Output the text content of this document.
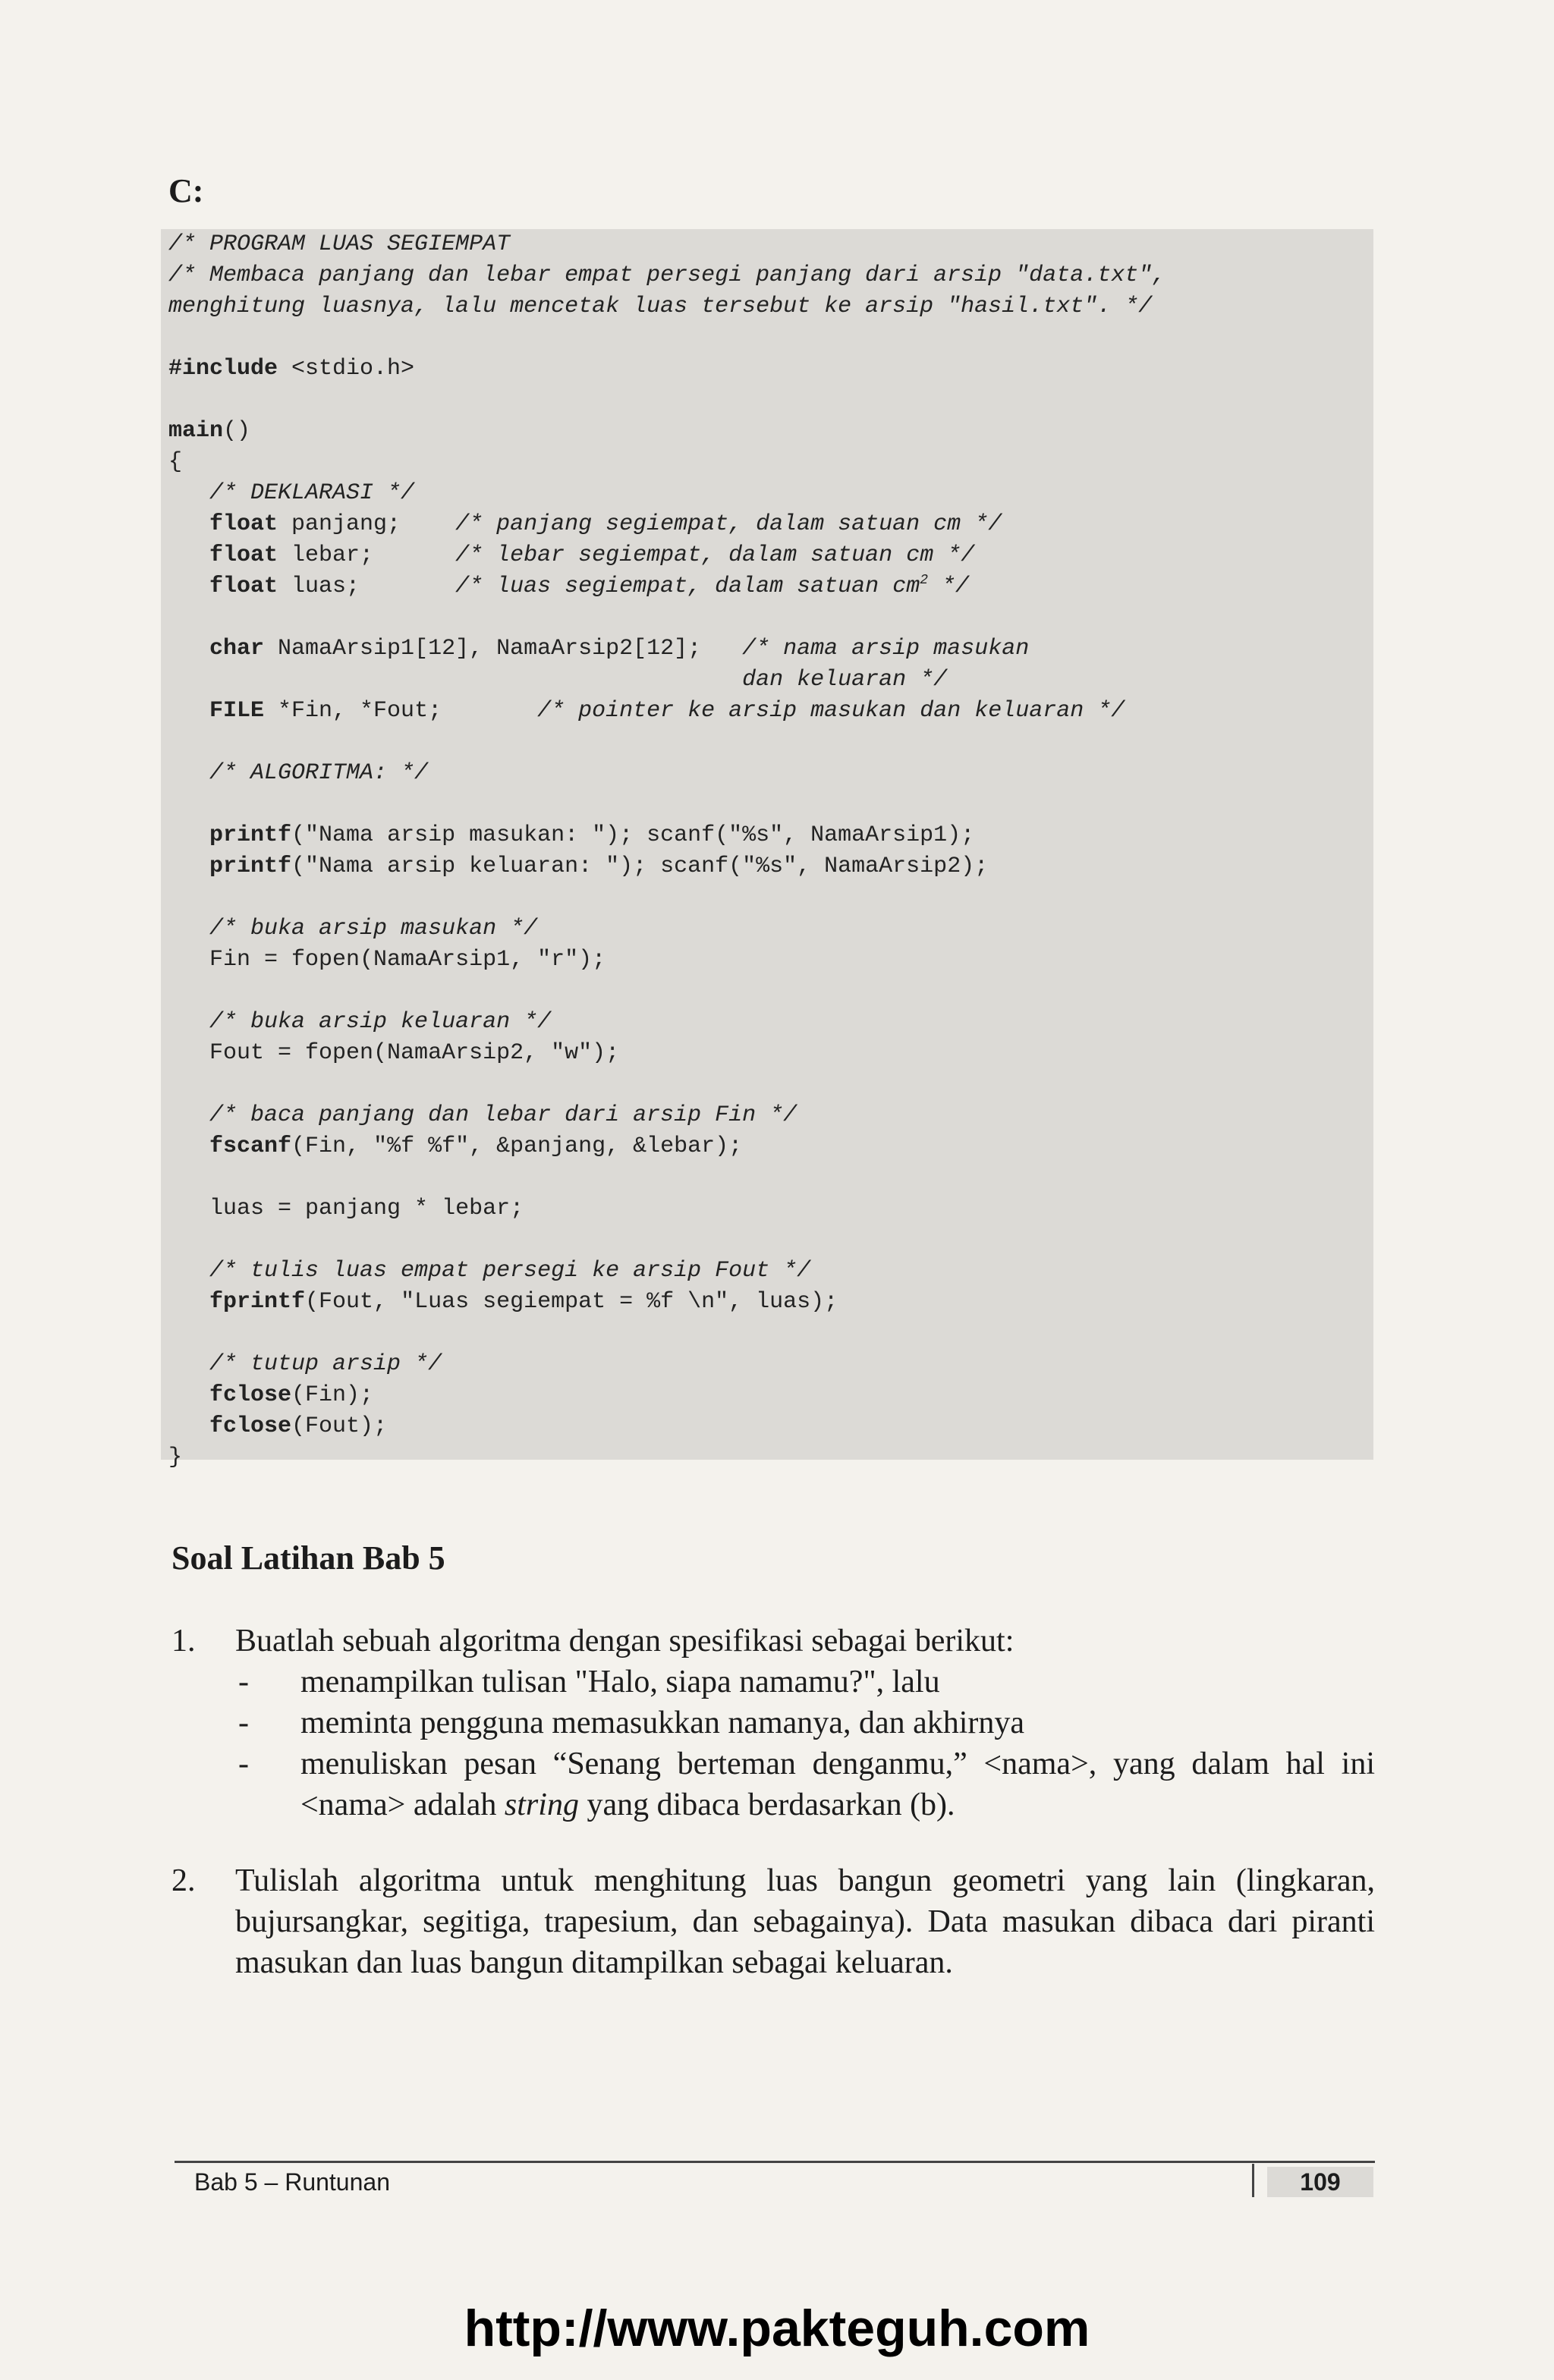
C:
/* PROGRAM LUAS SEGIEMPAT
/* Membaca panjang dan lebar empat persegi panjang dari arsip "data.txt",
menghitung luasnya, lalu mencetak luas tersebut ke arsip "hasil.txt". */

#include <stdio.h>

main()
{
/* DEKLARASI */
float panjang; /* panjang segiempat, dalam satuan cm */
float lebar;	/* lebar segiempat, dalam satuan cm */
float luas;	/* luas segiempat, dalam satuan $cm^2$ */

char NamaArsip1[12], NamaArsip2[12]; /* nama arsip masukan
dan keluaran */
FILE *Fin, *Fout;	/* pointer ke arsip masukan dan keluaran */

/* ALGORITMA: */

printf("Nama arsip masukan: "); scanf("%s", NamaArsip1);
printf("Nama arsip keluaran: "); scanf("%s", NamaArsip2);

/* buka arsip masukan */
Fin = fopen(NamaArsip1, "r");

/* buka arsip keluaran */
Fout = fopen(NamaArsip2, "w");

/* baca panjang dan lebar dari arsip Fin */
fscanf(Fin, "%f %f", &panjang, &lebar);

luas = panjang * lebar;

/* tulis luas empat persegi ke arsip Fout */
fprintf(Fout, "Luas segiempat = %f \n", luas);

/* tutup arsip */
fclose(Fin);
fclose(Fout);
}
Soal Latihan Bab 5
1. Buatlah sebuah algoritma dengan spesifikasi sebagai berikut:
- menampilkan tulisan "Halo, siapa namamu?", lalu
- meminta pengguna memasukkan namanya, dan akhirnya
- menuliskan pesan “Senang berteman denganmu,” <nama>, yang dalam hal ini <nama> adalah string yang dibaca berdasarkan (b).
2. Tulislah algoritma untuk menghitung luas bangun geometri yang lain (lingkaran, bujursangkar, segitiga, trapesium, dan sebagainya). Data masukan dibaca dari piranti masukan dan luas bangun ditampilkan sebagai keluaran.
Bab 5 – Runtunan	109
http://www.pakteguh.com
